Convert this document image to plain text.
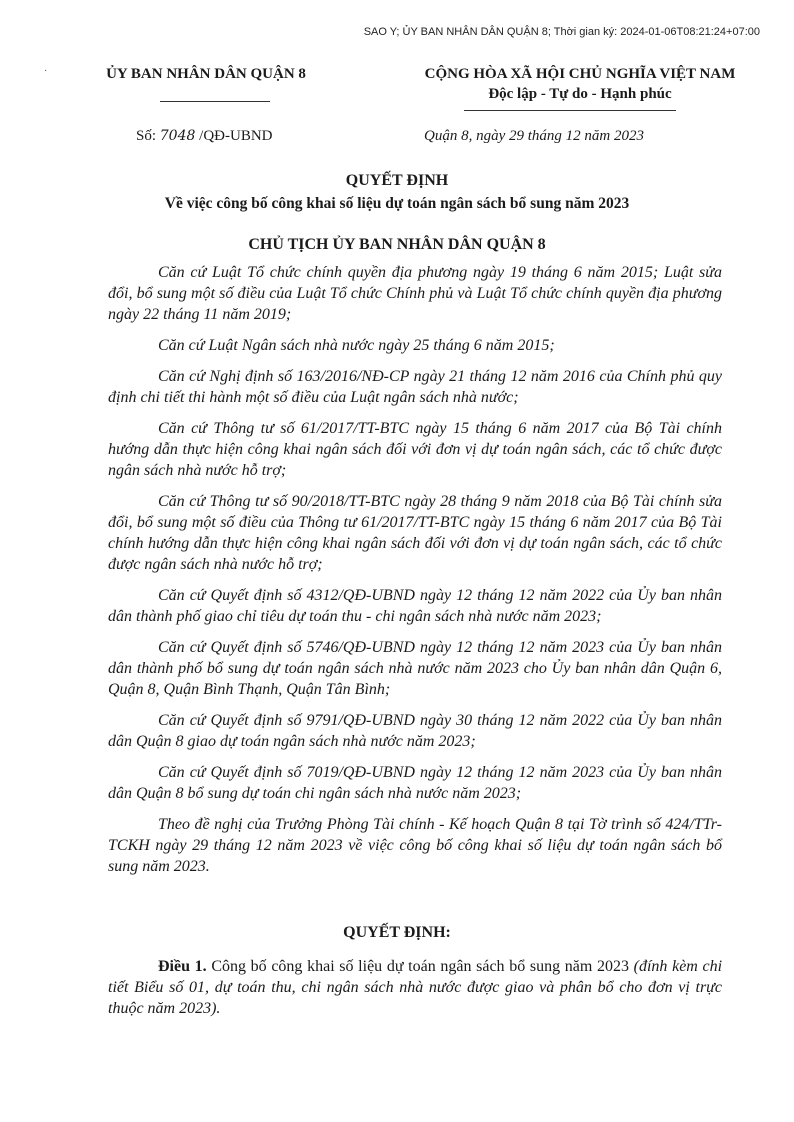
SAO Y; ỦY BAN NHÂN DÂN QUẬN 8; Thời gian ký: 2024-01-06T08:21:24+07:00
·	ỦY BAN NHÂN DÂN QUẬN 8	CỘNG HÒA XÃ HỘI CHỦ NGHĨA VIỆT NAM
Độc lập - Tự do - Hạnh phúc
Số: 7048 /QĐ-UBND	Quận 8, ngày 29 tháng 12 năm 2023
QUYẾT ĐỊNH
Về việc công bố công khai số liệu dự toán ngân sách bổ sung năm 2023
CHỦ TỊCH ỦY BAN NHÂN DÂN QUẬN 8

Căn cứ Luật Tổ chức chính quyền địa phương ngày 19 tháng 6 năm 2015; Luật sửa đổi, bổ sung một số điều của Luật Tổ chức Chính phủ và Luật Tổ chức chính quyền địa phương ngày 22 tháng 11 năm 2019;

Căn cứ Luật Ngân sách nhà nước ngày 25 tháng 6 năm 2015;

Căn cứ Nghị định số 163/2016/NĐ-CP ngày 21 tháng 12 năm 2016 của Chính phủ quy định chi tiết thi hành một số điều của Luật ngân sách nhà nước;

Căn cứ Thông tư số 61/2017/TT-BTC ngày 15 tháng 6 năm 2017 của Bộ Tài chính hướng dẫn thực hiện công khai ngân sách đối với đơn vị dự toán ngân sách, các tổ chức được ngân sách nhà nước hỗ trợ;

Căn cứ Thông tư số 90/2018/TT-BTC ngày 28 tháng 9 năm 2018 của Bộ Tài chính sửa đổi, bổ sung một số điều của Thông tư 61/2017/TT-BTC ngày 15 tháng 6 năm 2017 của Bộ Tài chính hướng dẫn thực hiện công khai ngân sách đối với đơn vị dự toán ngân sách, các tổ chức được ngân sách nhà nước hỗ trợ;

Căn cứ Quyết định số 4312/QĐ-UBND ngày 12 tháng 12 năm 2022 của Ủy ban nhân dân thành phố giao chỉ tiêu dự toán thu - chi ngân sách nhà nước năm 2023;

Căn cứ Quyết định số 5746/QĐ-UBND ngày 12 tháng 12 năm 2023 của Ủy ban nhân dân thành phố bổ sung dự toán ngân sách nhà nước năm 2023 cho Ủy ban nhân dân Quận 6, Quận 8, Quận Bình Thạnh, Quận Tân Bình;

Căn cứ Quyết định số 9791/QĐ-UBND ngày 30 tháng 12 năm 2022 của Ủy ban nhân dân Quận 8 giao dự toán ngân sách nhà nước năm 2023;

Căn cứ Quyết định số 7019/QĐ-UBND ngày 12 tháng 12 năm 2023 của Ủy ban nhân dân Quận 8 bổ sung dự toán chi ngân sách nhà nước năm 2023;

Theo đề nghị của Trưởng Phòng Tài chính - Kế hoạch Quận 8 tại Tờ trình số 424/TTr-TCKH ngày 29 tháng 12 năm 2023 về việc công bố công khai số liệu dự toán ngân sách bổ sung năm 2023.

QUYẾT ĐỊNH:
Điều 1. Công bố công khai số liệu dự toán ngân sách bổ sung năm 2023 (đính kèm chi tiết Biểu số 01, dự toán thu, chi ngân sách nhà nước được giao và phân bổ cho đơn vị trực thuộc năm 2023).
